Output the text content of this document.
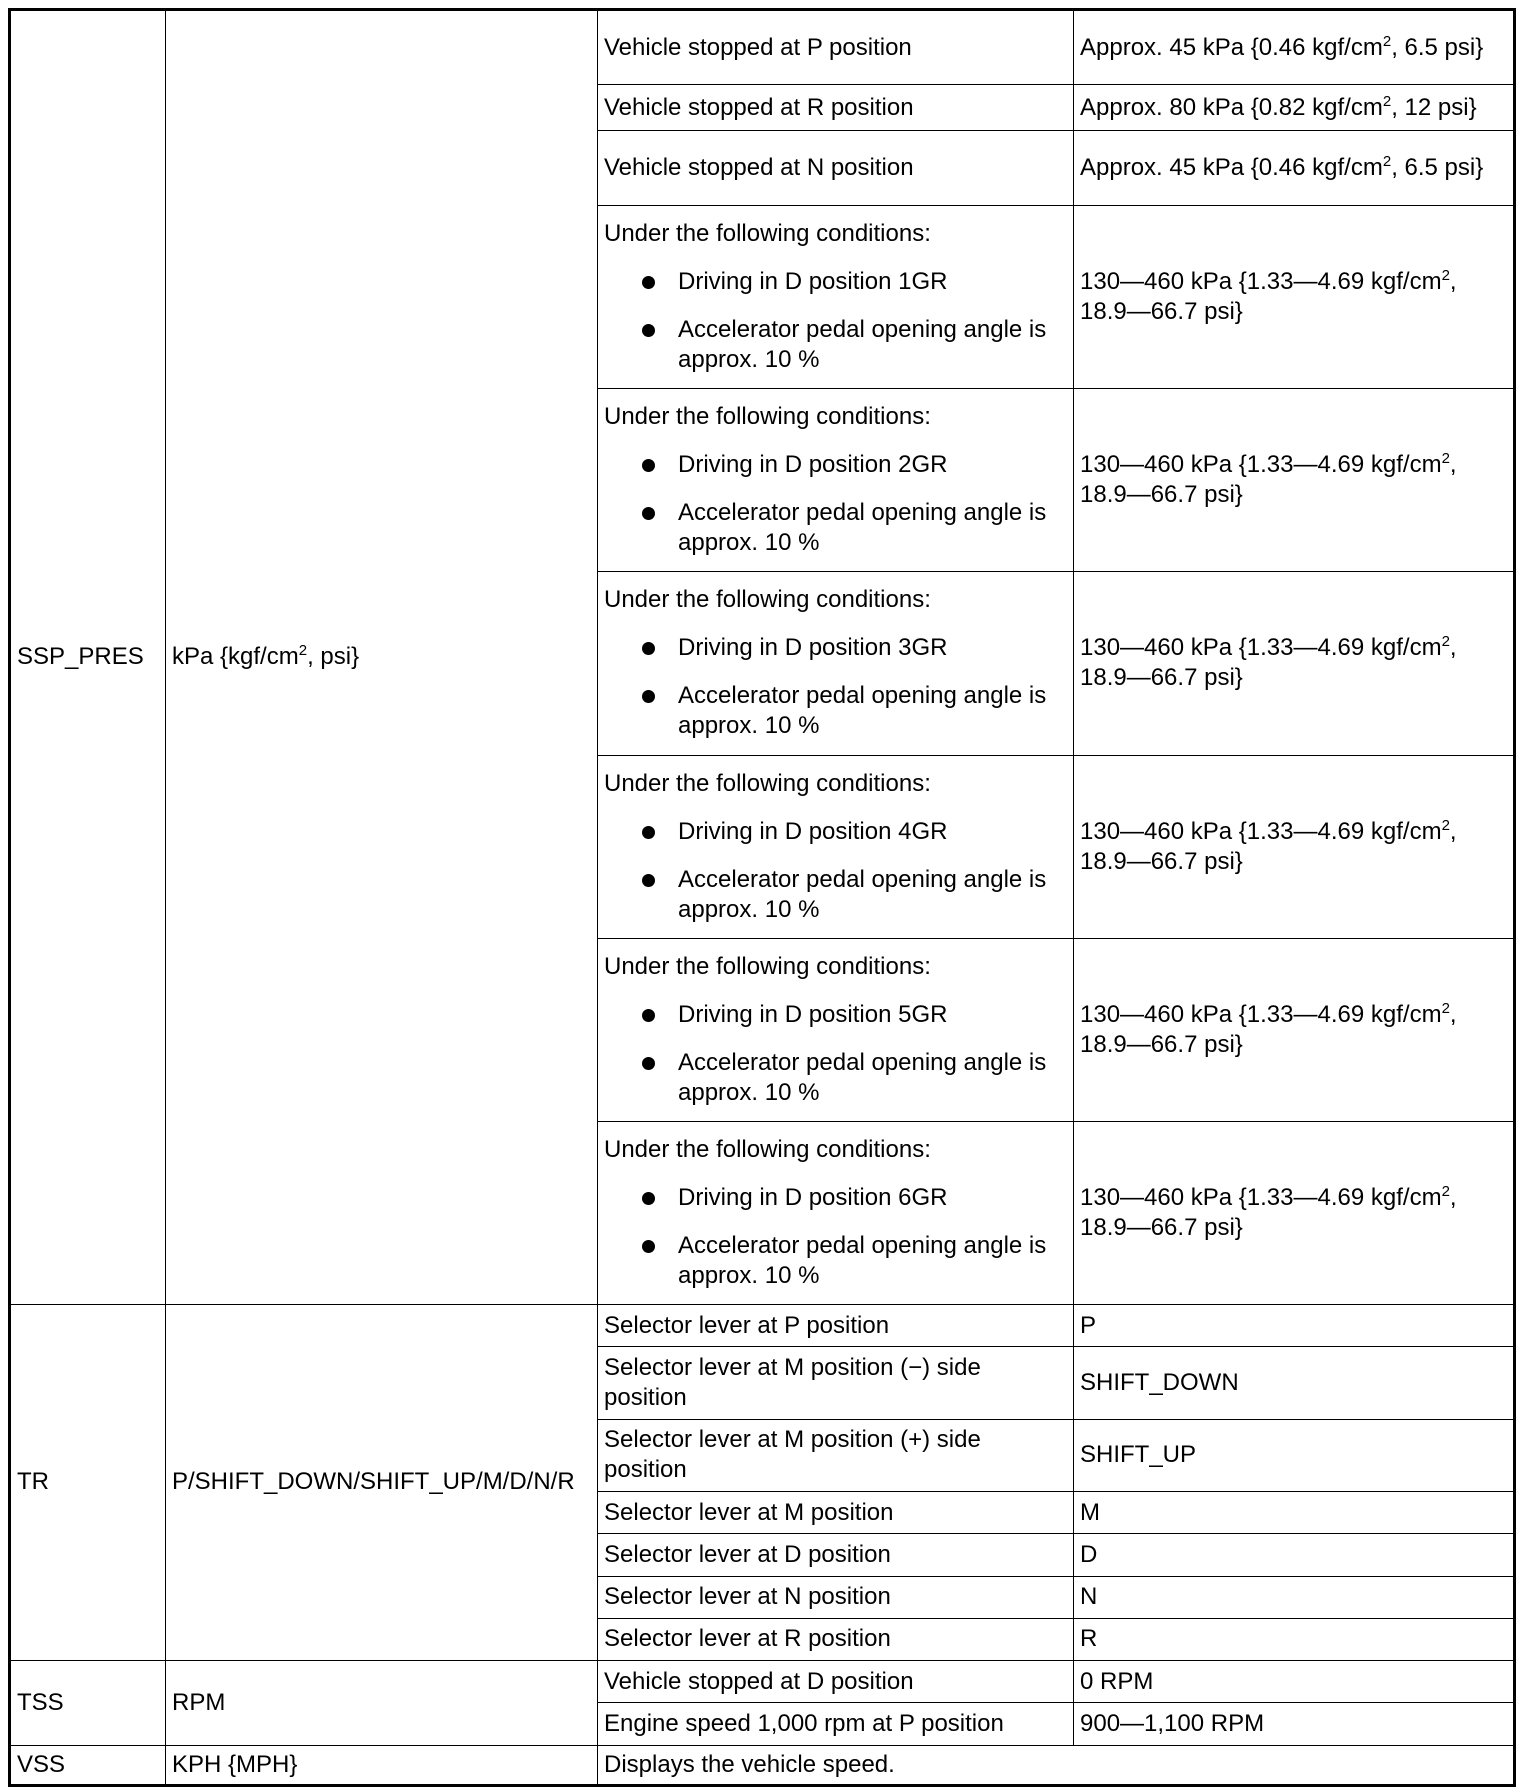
SSP_PRES	kPa {$kgf/cm^2$, psi}	Vehicle stopped at P position	Approx. 45 kPa {0.46 kgf/$cm^2$, 6.5 psi}
		Vehicle stopped at R position	Approx. 80 kPa {0.82 kgf/$cm^2$, 12 psi}
		Vehicle stopped at N position	Approx. 45 kPa {0.46 kgf/$cm^2$, 6.5 psi}

		Under the following conditions:
Driving in D position 1GR
Accelerator pedal opening angle is approx. 10 %	130—460 kPa {1.33—4.69 kgf/$cm^2$, 18.9—66.7 psi}

		Under the following conditions:
Driving in D position 2GR
Accelerator pedal opening angle is approx. 10 %	130—460 kPa {1.33—4.69 kgf/$cm^2$, 18.9—66.7 psi}

		Under the following conditions:
Driving in D position 3GR
Accelerator pedal opening angle is approx. 10 %	130—460 kPa {1.33—4.69 kgf/$cm^2$, 18.9—66.7 psi}

		Under the following conditions:
Driving in D position 4GR
Accelerator pedal opening angle is approx. 10 %	130—460 kPa {1.33—4.69 kgf/$cm^2$, 18.9—66.7 psi}

		Under the following conditions:
Driving in D position 5GR
Accelerator pedal opening angle is approx. 10 %	130—460 kPa {1.33—4.69 kgf/$cm^2$, 18.9—66.7 psi}

		Under the following conditions:
Driving in D position 6GR
Accelerator pedal opening angle is approx. 10 %	130—460 kPa {1.33—4.69 kgf/$cm^2$, 18.9—66.7 psi}
TR	P/SHIFT_DOWN/SHIFT_UP/M/D/N/R	Selector lever at P position	P
		Selector lever at M position (−) side position	SHIFT_DOWN
		Selector lever at M position (+) side position	SHIFT_UP
		Selector lever at M position	M
		Selector lever at D position	D
		Selector lever at N position	N
		Selector lever at R position	R
TSS	RPM	Vehicle stopped at D position	0 RPM
		Engine speed 1,000 rpm at P position	900—1,100 RPM
VSS	KPH {MPH}	Displays the vehicle speed.	
